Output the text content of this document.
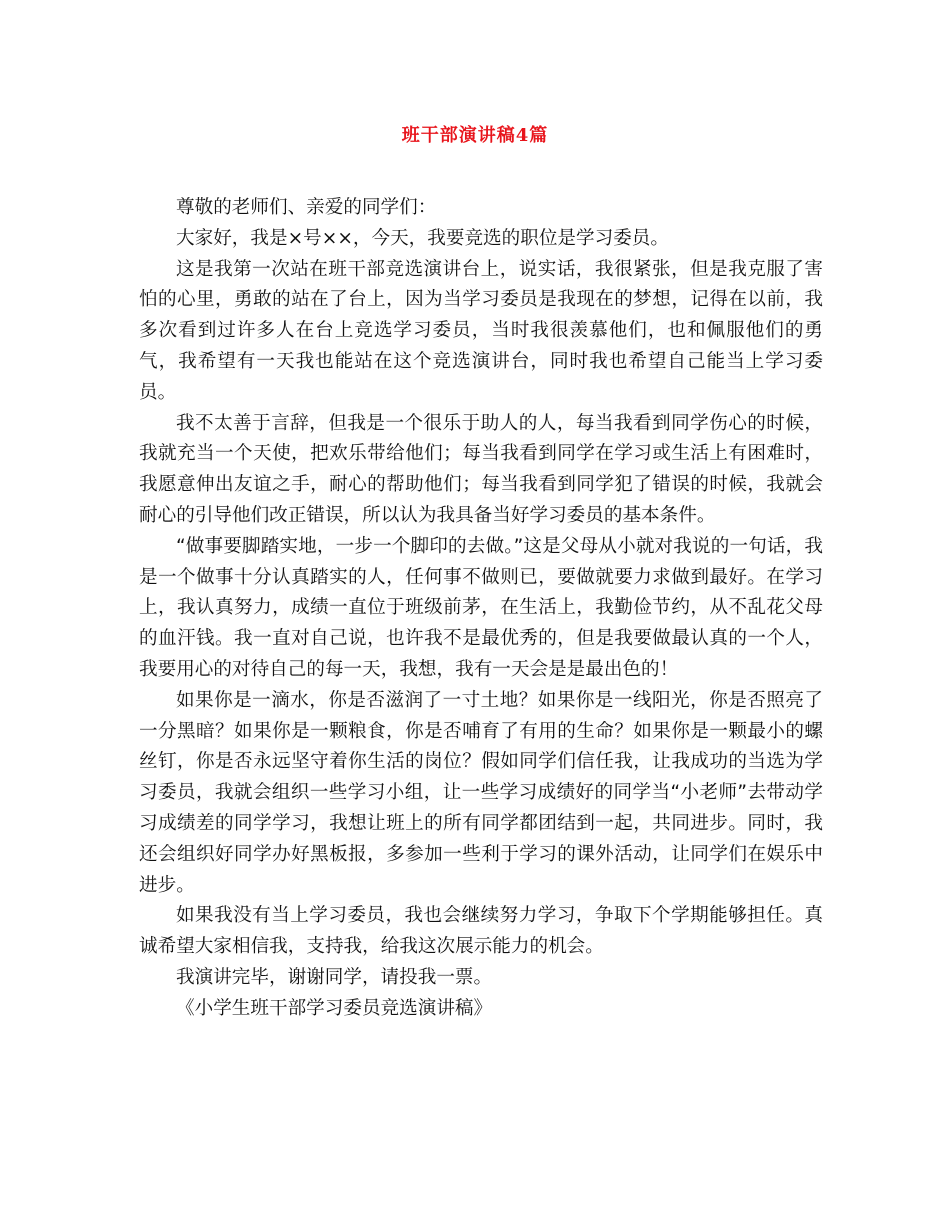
班干部演讲稿4篇

尊敬的老师们、亲爱的同学们：

大家好，我是×号××，今天，我要竞选的职位是学习委员。

这是我第一次站在班干部竞选演讲台上，说实话，我很紧张，但是我克服了害怕的心里，勇敢的站在了台上，因为当学习委员是我现在的梦想，记得在以前，我多次看到过许多人在台上竞选学习委员，当时我很羡慕他们，也和佩服他们的勇气，我希望有一天我也能站在这个竞选演讲台，同时我也希望自己能当上学习委员。

我不太善于言辞，但我是一个很乐于助人的人，每当我看到同学伤心的时候，我就充当一个天使，把欢乐带给他们；每当我看到同学在学习或生活上有困难时，我愿意伸出友谊之手，耐心的帮助他们；每当我看到同学犯了错误的时候，我就会耐心的引导他们改正错误，所以认为我具备当好学习委员的基本条件。

“做事要脚踏实地，一步一个脚印的去做。”这是父母从小就对我说的一句话，我是一个做事十分认真踏实的人，任何事不做则已，要做就要力求做到最好。在学习上，我认真努力，成绩一直位于班级前茅，在生活上，我勤俭节约，从不乱花父母的血汗钱。我一直对自己说，也许我不是最优秀的，但是我要做最认真的一个人，我要用心的对待自己的每一天，我想，我有一天会是是最出色的！

如果你是一滴水，你是否滋润了一寸土地？如果你是一线阳光，你是否照亮了一分黑暗？如果你是一颗粮食，你是否哺育了有用的生命？如果你是一颗最小的螺丝钉，你是否永远坚守着你生活的岗位？假如同学们信任我，让我成功的当选为学习委员，我就会组织一些学习小组，让一些学习成绩好的同学当“小老师”去带动学习成绩差的同学学习，我想让班上的所有同学都团结到一起，共同进步。同时，我还会组织好同学办好黑板报，多参加一些利于学习的课外活动，让同学们在娱乐中进步。

如果我没有当上学习委员，我也会继续努力学习，争取下个学期能够担任。真诚希望大家相信我，支持我，给我这次展示能力的机会。

我演讲完毕，谢谢同学，请投我一票。

《小学生班干部学习委员竞选演讲稿》
